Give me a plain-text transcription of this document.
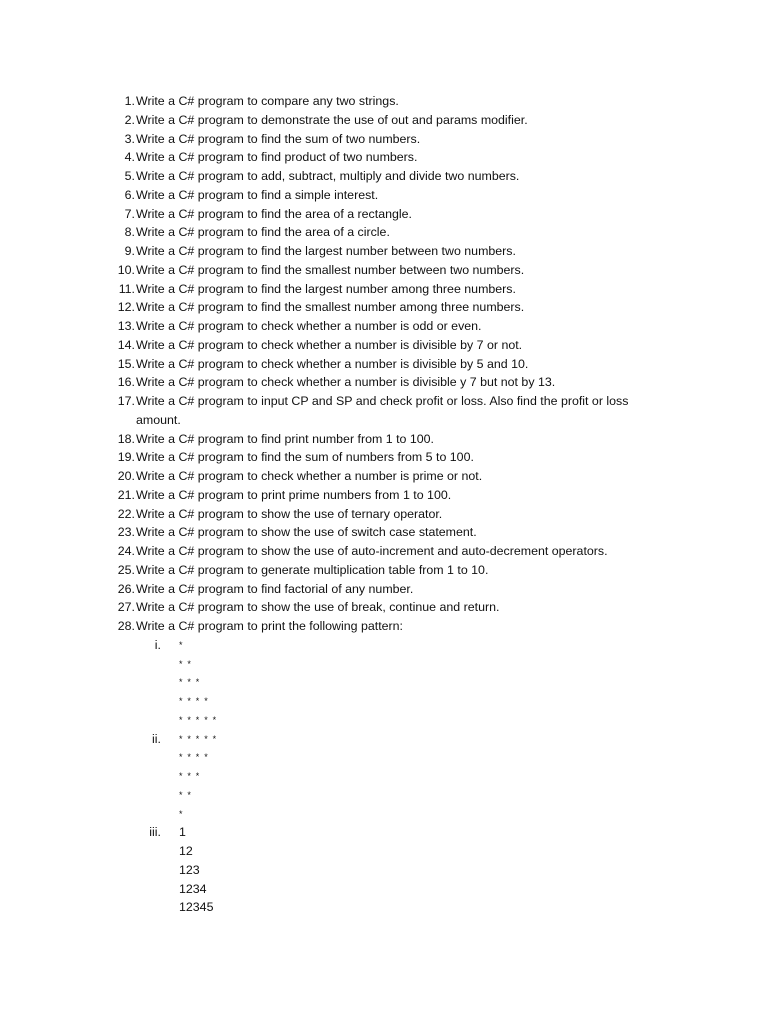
1. Write a C# program to compare any two strings.
2. Write a C# program to demonstrate the use of out and params modifier.
3. Write a C# program to find the sum of two numbers.
4. Write a C# program to find product of two numbers.
5. Write a C# program to add, subtract, multiply and divide two numbers.
6. Write a C# program to find a simple interest.
7. Write a C# program to find the area of a rectangle.
8. Write a C# program to find the area of a circle.
9. Write a C# program to find the largest number between two numbers.
10. Write a C# program to find the smallest number between two numbers.
11. Write a C# program to find the largest number among three numbers.
12. Write a C# program to find the smallest number among three numbers.
13. Write a C# program to check whether a number is odd or even.
14. Write a C# program to check whether a number is divisible by 7 or not.
15. Write a C# program to check whether a number is divisible by 5 and 10.
16. Write a C# program to check whether a number is divisible y 7 but not by 13.
17. Write a C# program to input CP and SP and check profit or loss. Also find the profit or loss amount.
18. Write a C# program to find print number from 1 to 100.
19. Write a C# program to find the sum of numbers from 5 to 100.
20. Write a C# program to check whether a number is prime or not.
21. Write a C# program to print prime numbers from 1 to 100.
22. Write a C# program to show the use of ternary operator.
23. Write a C# program to show the use of switch case statement.
24. Write a C# program to show the use of auto-increment and auto-decrement operators.
25. Write a C# program to generate multiplication table from 1 to 10.
26. Write a C# program to find factorial of any number.
27. Write a C# program to show the use of break, continue and return.
28. Write a C# program to print the following pattern:
i. *
* *
* * *
* * * *
* * * * *
ii. * * * * *
* * * *
* * *
* *
*
iii. 1
12
123
1234
12345
